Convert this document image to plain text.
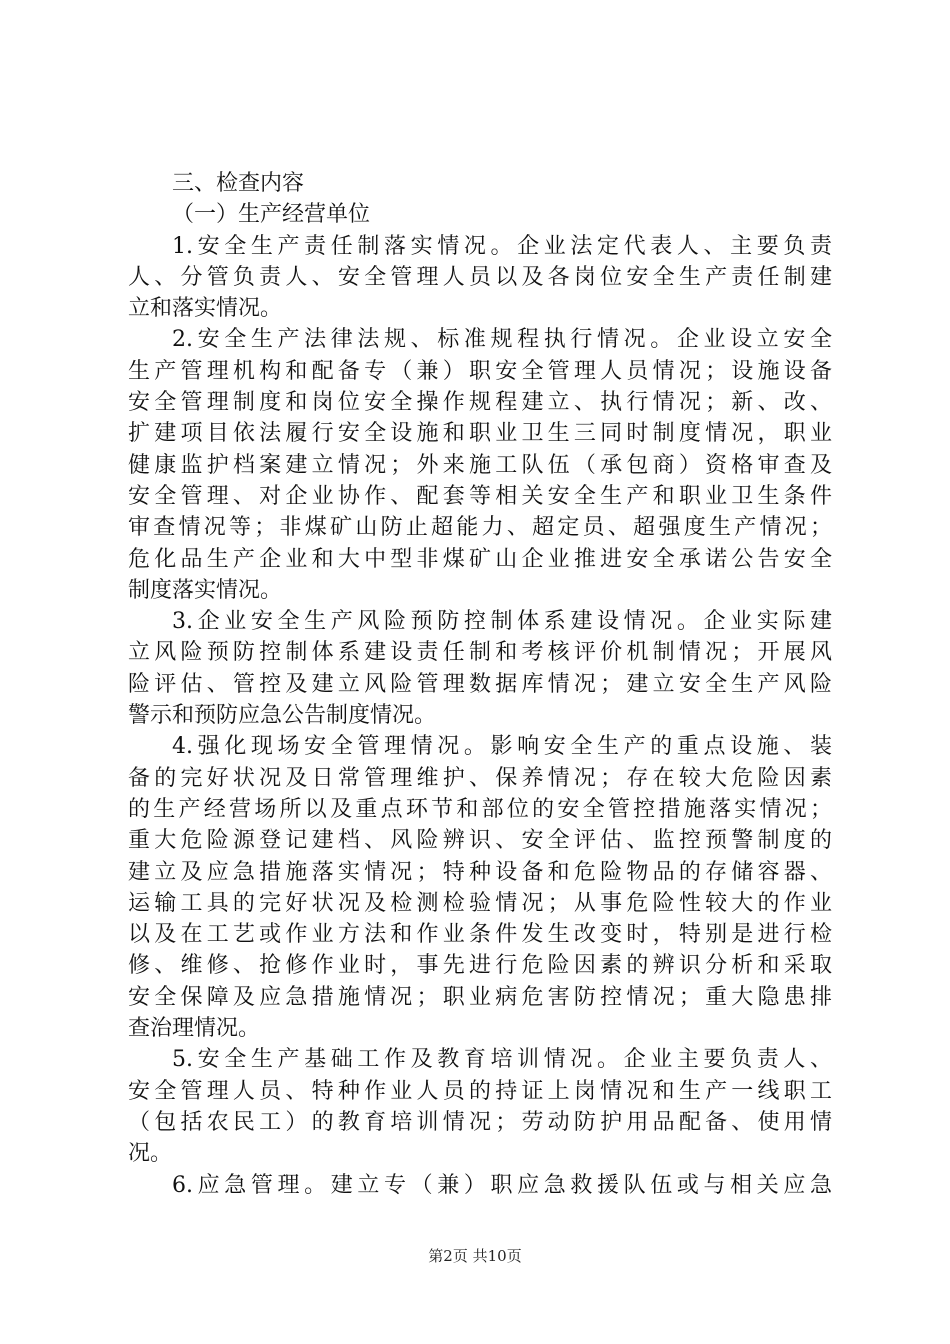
三、检查内容
（一）生产经营单位
1.安全生产责任制落实情况。企业法定代表人、主要负责
人、分管负责人、安全管理人员以及各岗位安全生产责任制建
立和落实情况。
2.安全生产法律法规、标准规程执行情况。企业设立安全
生产管理机构和配备专（兼）职安全管理人员情况；设施设备
安全管理制度和岗位安全操作规程建立、执行情况；新、改、
扩建项目依法履行安全设施和职业卫生三同时制度情况，职业
健康监护档案建立情况；外来施工队伍（承包商）资格审查及
安全管理、对企业协作、配套等相关安全生产和职业卫生条件
审查情况等；非煤矿山防止超能力、超定员、超强度生产情况；
危化品生产企业和大中型非煤矿山企业推进安全承诺公告安全
制度落实情况。
3.企业安全生产风险预防控制体系建设情况。企业实际建
立风险预防控制体系建设责任制和考核评价机制情况；开展风
险评估、管控及建立风险管理数据库情况；建立安全生产风险
警示和预防应急公告制度情况。
4.强化现场安全管理情况。影响安全生产的重点设施、装
备的完好状况及日常管理维护、保养情况；存在较大危险因素
的生产经营场所以及重点环节和部位的安全管控措施落实情况；
重大危险源登记建档、风险辨识、安全评估、监控预警制度的
建立及应急措施落实情况；特种设备和危险物品的存储容器、
运输工具的完好状况及检测检验情况；从事危险性较大的作业
以及在工艺或作业方法和作业条件发生改变时，特别是进行检
修、维修、抢修作业时，事先进行危险因素的辨识分析和采取
安全保障及应急措施情况；职业病危害防控情况；重大隐患排
查治理情况。
5.安全生产基础工作及教育培训情况。企业主要负责人、
安全管理人员、特种作业人员的持证上岗情况和生产一线职工
（包括农民工）的教育培训情况；劳动防护用品配备、使用情
况。
6.应急管理。建立专（兼）职应急救援队伍或与相关应急
第2页 共10页
